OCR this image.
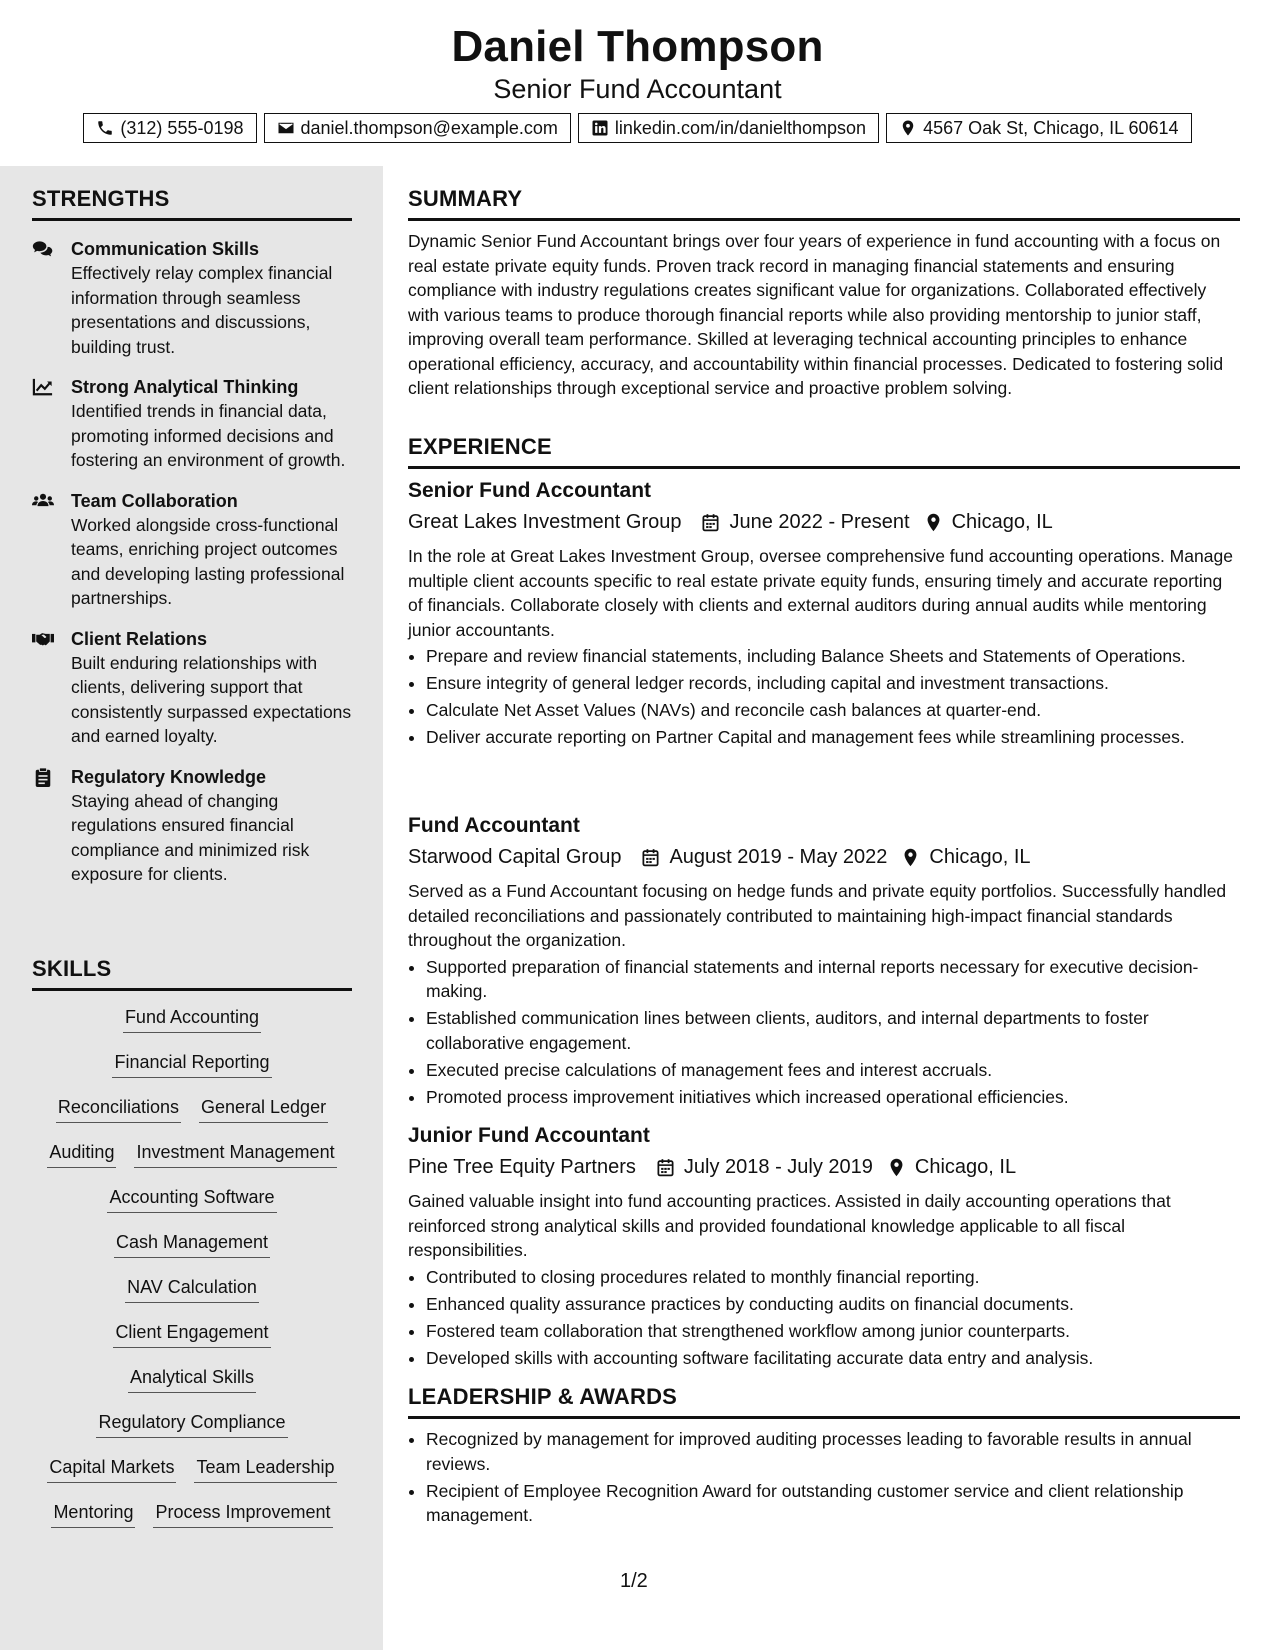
Daniel Thompson
Senior Fund Accountant
(312) 555-0198	daniel.thompson@example.com	linkedin.com/in/danielthompson	4567 Oak St, Chicago, IL 60614
STRENGTHS
Communication Skills
Effectively relay complex financial information through seamless presentations and discussions, building trust.
Strong Analytical Thinking
Identified trends in financial data, promoting informed decisions and fostering an environment of growth.
Team Collaboration
Worked alongside cross-functional teams, enriching project outcomes and developing lasting professional partnerships.
Client Relations
Built enduring relationships with clients, delivering support that consistently surpassed expectations and earned loyalty.
Regulatory Knowledge
Staying ahead of changing regulations ensured financial compliance and minimized risk exposure for clients.
SKILLS
Fund Accounting
Financial Reporting
Reconciliations General Ledger
Auditing Investment Management
Accounting Software
Cash Management
NAV Calculation
Client Engagement
Analytical Skills
Regulatory Compliance
Capital Markets Team Leadership
Mentoring Process Improvement
SUMMARY

Dynamic Senior Fund Accountant brings over four years of experience in fund accounting with a focus on real estate private equity funds. Proven track record in managing financial statements and ensuring compliance with industry regulations creates significant value for organizations. Collaborated effectively with various teams to produce thorough financial reports while also providing mentorship to junior staff, improving overall team performance. Skilled at leveraging technical accounting principles to enhance operational efficiency, accuracy, and accountability within financial processes. Dedicated to fostering solid client relationships through exceptional service and proactive problem solving.

EXPERIENCE
Senior Fund Accountant
Great Lakes Investment Group June 2022 - Present Chicago, IL

In the role at Great Lakes Investment Group, oversee comprehensive fund accounting operations. Manage multiple client accounts specific to real estate private equity funds, ensuring timely and accurate reporting of financials. Collaborate closely with clients and external auditors during annual audits while mentoring junior accountants.

• Prepare and review financial statements, including Balance Sheets and Statements of Operations.
• Ensure integrity of general ledger records, including capital and investment transactions.
• Calculate Net Asset Values (NAVs) and reconcile cash balances at quarter-end.
• Deliver accurate reporting on Partner Capital and management fees while streamlining processes.
Fund Accountant
Starwood Capital Group August 2019 - May 2022 Chicago, IL

Served as a Fund Accountant focusing on hedge funds and private equity portfolios. Successfully handled detailed reconciliations and passionately contributed to maintaining high-impact financial standards throughout the organization.

• Supported preparation of financial statements and internal reports necessary for executive decision-making.
• Established communication lines between clients, auditors, and internal departments to foster collaborative engagement.
• Executed precise calculations of management fees and interest accruals.
• Promoted process improvement initiatives which increased operational efficiencies.
Junior Fund Accountant
Pine Tree Equity Partners July 2018 - July 2019 Chicago, IL

Gained valuable insight into fund accounting practices. Assisted in daily accounting operations that reinforced strong analytical skills and provided foundational knowledge applicable to all fiscal responsibilities.

• Contributed to closing procedures related to monthly financial reporting.
• Enhanced quality assurance practices by conducting audits on financial documents.
• Fostered team collaboration that strengthened workflow among junior counterparts.
• Developed skills with accounting software facilitating accurate data entry and analysis.
LEADERSHIP & AWARDS
• Recognized by management for improved auditing processes leading to favorable results in annual reviews.
• Recipient of Employee Recognition Award for outstanding customer service and client relationship management.
1/2
